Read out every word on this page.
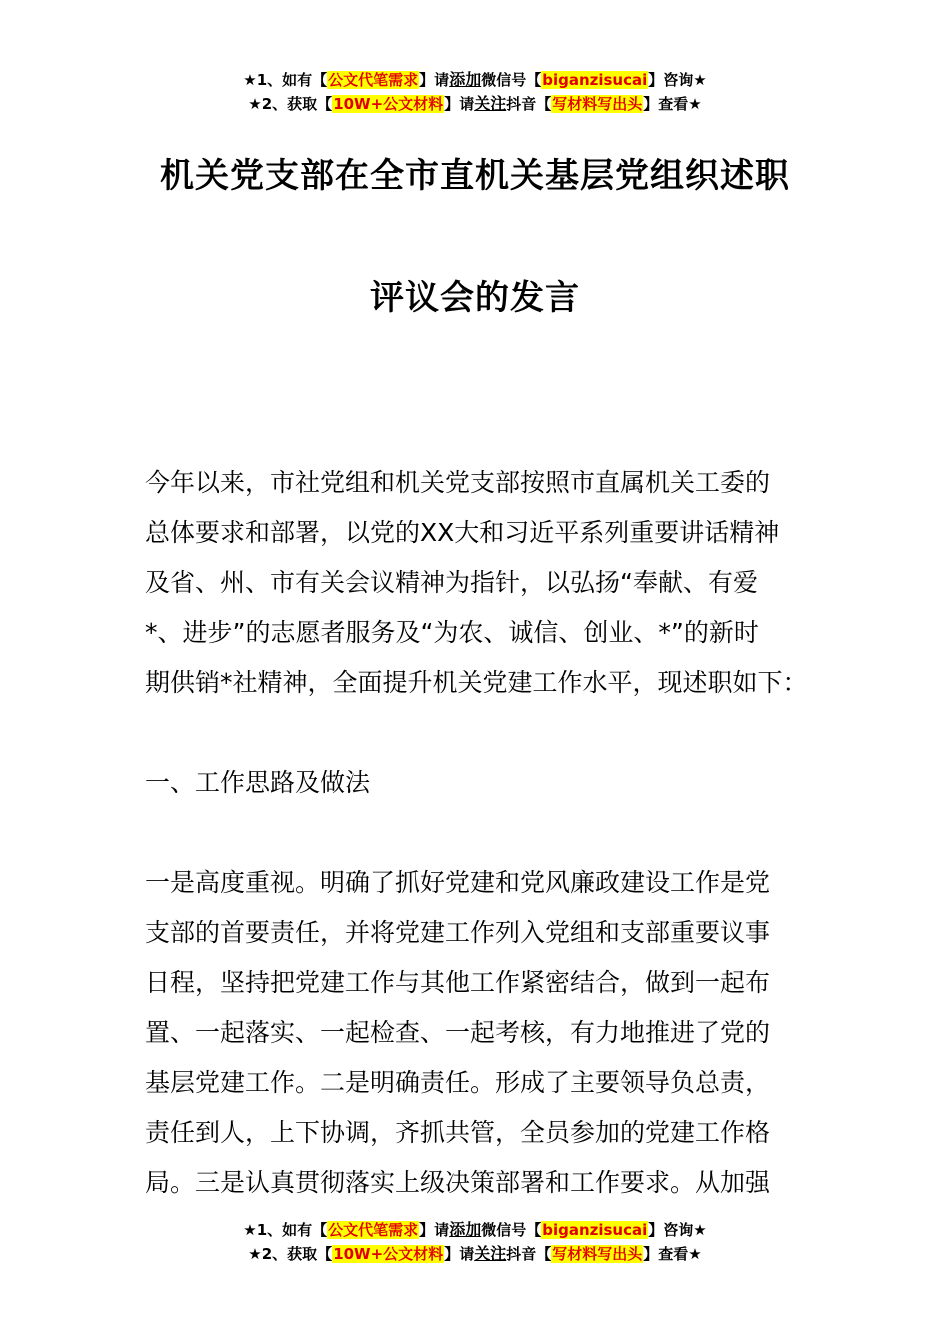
★1、如有【公文代笔需求】请添加微信号【biganzisucai】咨询★
★2、获取【10W+公文材料】请关注抖音【写材料写出头】查看★
机关党支部在全市直机关基层党组织述职
评议会的发言
今年以来，市社党组和机关党支部按照市直属机关工委的
总体要求和部署，以党的XX大和习近平系列重要讲话精神
及省、州、市有关会议精神为指针，以弘扬“奉献、有爱
*、进步”的志愿者服务及“为农、诚信、创业、*”的新时
期供销*社精神，全面提升机关党建工作水平，现述职如下：
一、工作思路及做法
一是高度重视。明确了抓好党建和党风廉政建设工作是党
支部的首要责任，并将党建工作列入党组和支部重要议事
日程，坚持把党建工作与其他工作紧密结合，做到一起布
置、一起落实、一起检查、一起考核，有力地推进了党的
基层党建工作。二是明确责任。形成了主要领导负总责，
责任到人，上下协调，齐抓共管，全员参加的党建工作格
局。三是认真贯彻落实上级决策部署和工作要求。从加强
★1、如有【公文代笔需求】请添加微信号【biganzisucai】咨询★
★2、获取【10W+公文材料】请关注抖音【写材料写出头】查看★
